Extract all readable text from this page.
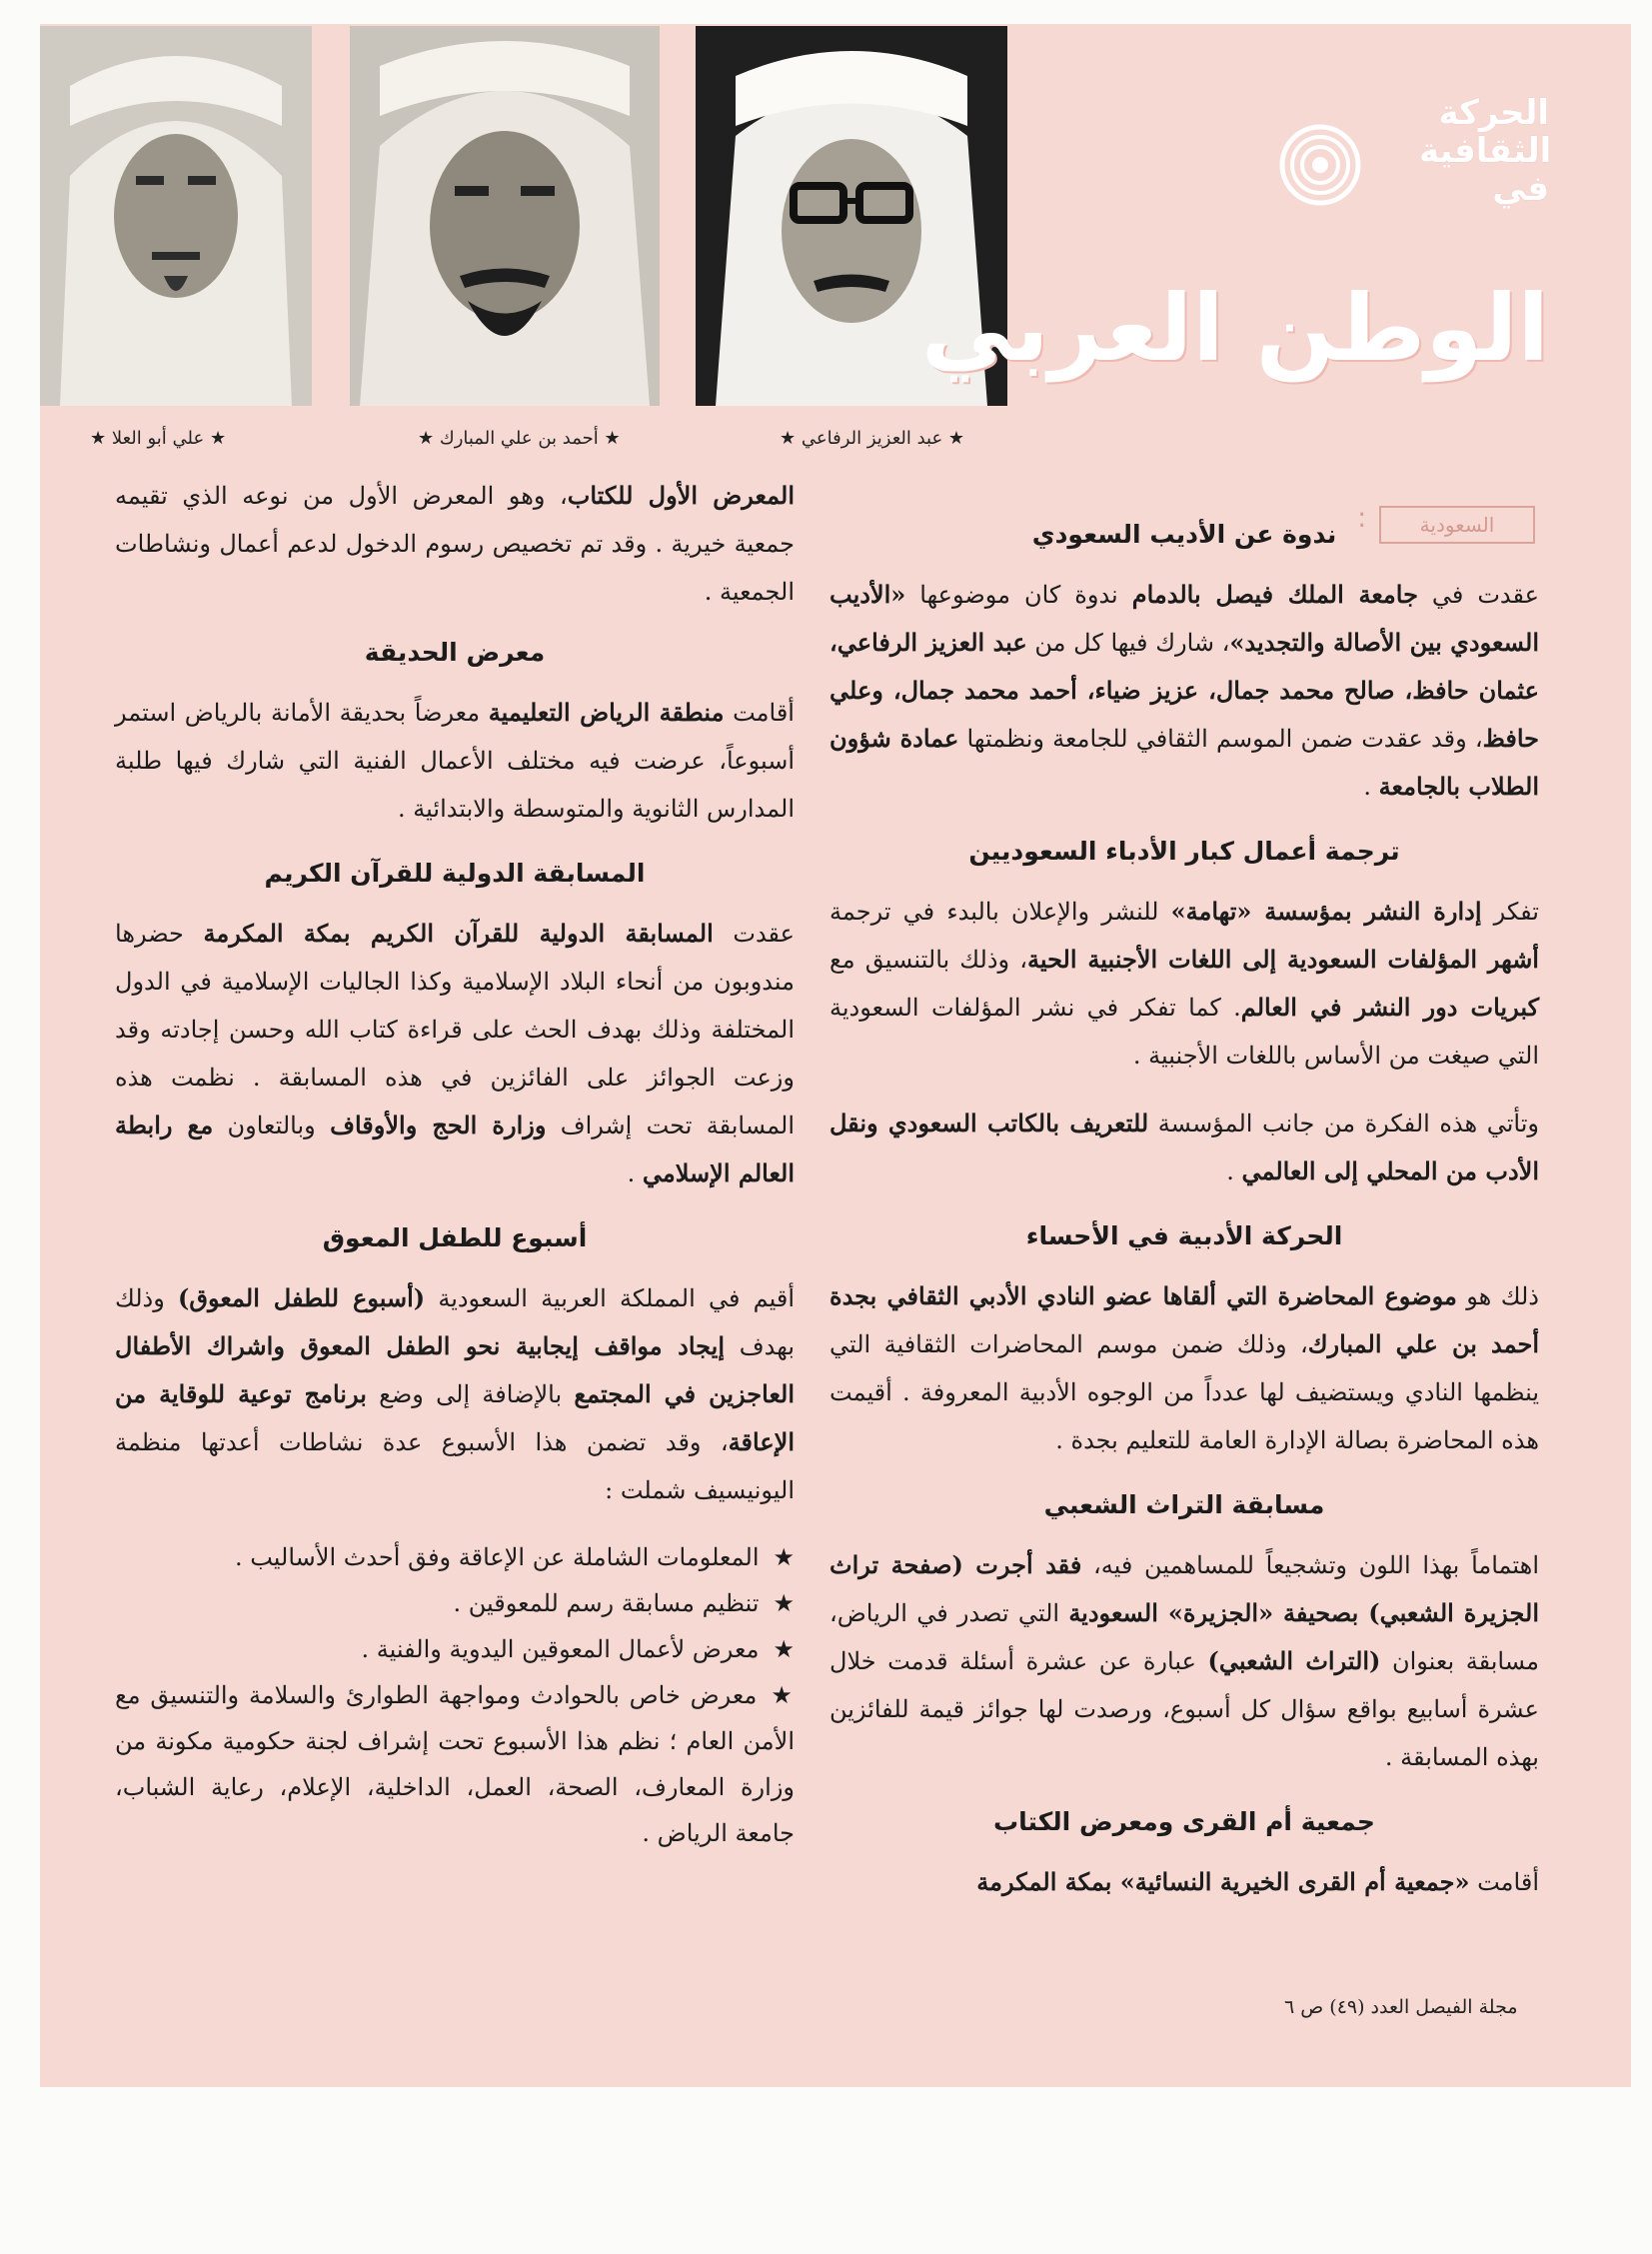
الحركة
الثقافية
في
الوطن العربي
★ عبد العزيز الرفاعي ★
★ أحمد بن علي المبارك ★
★ علي أبو العلا ★
السعودية
:
ندوة عن الأديب السعودي

عقدت في جامعة الملك فيصل بالدمام ندوة كان موضوعها «الأديب السعودي بين الأصالة والتجديد»، شارك فيها كل من عبد العزيز الرفاعي، عثمان حافظ، صالح محمد جمال، عزيز ضياء، أحمد محمد جمال، وعلي حافظ، وقد عقدت ضمن الموسم الثقافي للجامعة ونظمتها عمادة شؤون الطلاب بالجامعة .

ترجمة أعمال كبار الأدباء السعوديين

تفكر إدارة النشر بمؤسسة «تهامة» للنشر والإعلان بالبدء في ترجمة أشهر المؤلفات السعودية إلى اللغات الأجنبية الحية، وذلك بالتنسيق مع كبريات دور النشر في العالم. كما تفكر في نشر المؤلفات السعودية التي صيغت من الأساس باللغات الأجنبية .

وتأتي هذه الفكرة من جانب المؤسسة للتعريف بالكاتب السعودي ونقل الأدب من المحلي إلى العالمي .

الحركة الأدبية في الأحساء

ذلك هو موضوع المحاضرة التي ألقاها عضو النادي الأدبي الثقافي بجدة أحمد بن علي المبارك، وذلك ضمن موسم المحاضرات الثقافية التي ينظمها النادي ويستضيف لها عدداً من الوجوه الأدبية المعروفة . أقيمت هذه المحاضرة بصالة الإدارة العامة للتعليم بجدة .

مسابقة التراث الشعبي

اهتماماً بهذا اللون وتشجيعاً للمساهمين فيه، فقد أجرت (صفحة تراث الجزيرة الشعبي) بصحيفة «الجزيرة» السعودية التي تصدر في الرياض، مسابقة بعنوان (التراث الشعبي) عبارة عن عشرة أسئلة قدمت خلال عشرة أسابيع بواقع سؤال كل أسبوع، ورصدت لها جوائز قيمة للفائزين بهذه المسابقة .

جمعية أم القرى ومعرض الكتاب

أقامت «جمعية أم القرى الخيرية النسائية» بمكة المكرمة

المعرض الأول للكتاب، وهو المعرض الأول من نوعه الذي تقيمه جمعية خيرية . وقد تم تخصيص رسوم الدخول لدعم أعمال ونشاطات الجمعية .

معرض الحديقة

أقامت منطقة الرياض التعليمية معرضاً بحديقة الأمانة بالرياض استمر أسبوعاً، عرضت فيه مختلف الأعمال الفنية التي شارك فيها طلبة المدارس الثانوية والمتوسطة والابتدائية .

المسابقة الدولية للقرآن الكريم

عقدت المسابقة الدولية للقرآن الكريم بمكة المكرمة حضرها مندوبون من أنحاء البلاد الإسلامية وكذا الجاليات الإسلامية في الدول المختلفة وذلك بهدف الحث على قراءة كتاب الله وحسن إجادته وقد وزعت الجوائز على الفائزين في هذه المسابقة . نظمت هذه المسابقة تحت إشراف وزارة الحج والأوقاف وبالتعاون مع رابطة العالم الإسلامي .

أسبوع للطفل المعوق

أقيم في المملكة العربية السعودية (أسبوع للطفل المعوق) وذلك بهدف إيجاد مواقف إيجابية نحو الطفل المعوق واشراك الأطفال العاجزين في المجتمع بالإضافة إلى وضع برنامج توعية للوقاية من الإعاقة، وقد تضمن هذا الأسبوع عدة نشاطات أعدتها منظمة اليونيسيف شملت :

★المعلومات الشاملة عن الإعاقة وفق أحدث الأساليب .
★تنظيم مسابقة رسم للمعوقين .
★معرض لأعمال المعوقين اليدوية والفنية .
★معرض خاص بالحوادث ومواجهة الطوارئ والسلامة والتنسيق مع الأمن العام ؛ نظم هذا الأسبوع تحت إشراف لجنة حكومية مكونة من وزارة المعارف، الصحة، العمل، الداخلية، الإعلام، رعاية الشباب، جامعة الرياض .
مجلة الفيصل العدد (٤٩) ص ٦
